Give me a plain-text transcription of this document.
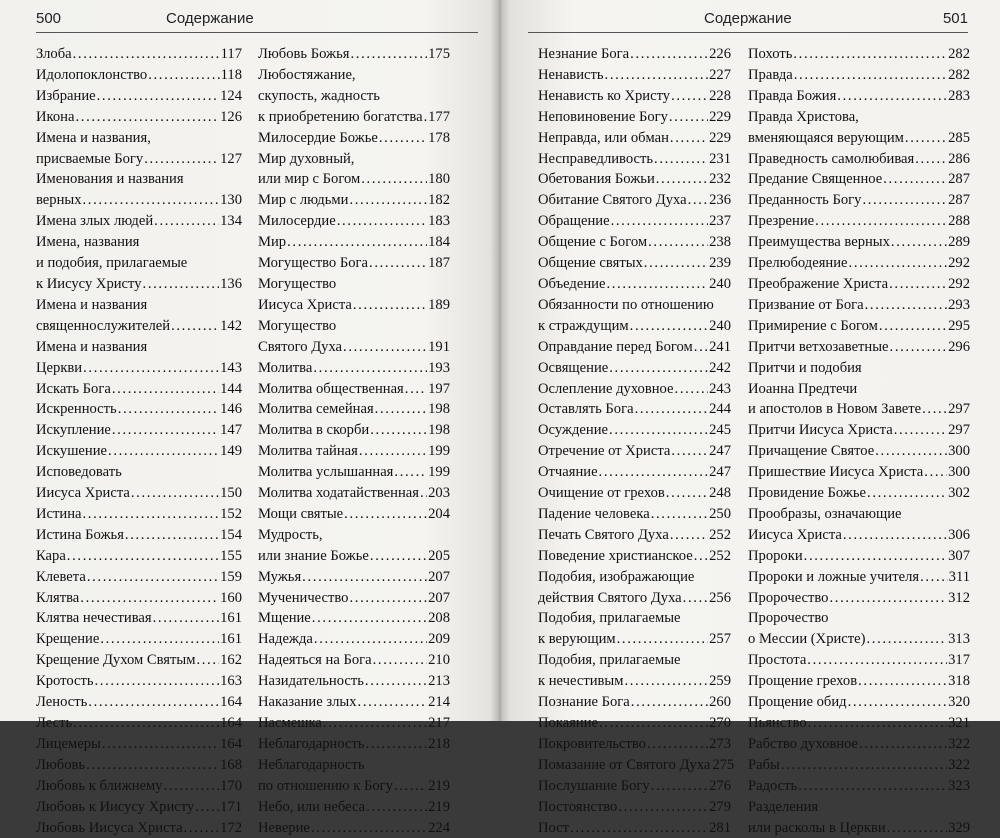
500	Содержание
Злоба . . .	117
Идолопоклонство . . .	118
Избрание . . .	124
Икона . . .	126
Имена и названия,
присваемые Богу . . .	127
Именования и названия
верных . . .	130
Имена злых людей . . .	134
Имена, названия
и подобия, прилагаемые
к Иисусу Христу . . .	136
Имена и названия
священнослужителей . . .	142
Имена и названия
Церкви . . .	143
Искать Бога . . .	144
Искренность . . .	146
Искупление . . .	147
Искушение . . .	149
Исповедовать
Иисуса Христа . . .	150
Истина . . .	152
Истина Божья . . .	154
Кара . . .	155
Клевета . . .	159
Клятва . . .	160
Клятва нечестивая . . .	161
Крещение . . .	161
Крещение Духом Святым . . . 162
Кротость . . .	163
Леность . . .	164
Лесть . . .	164
Лицемеры . . .	164
Любовь . . .	168
Любовь к ближнему . . .	170
Любовь к Иисусу Христу . . . 171
Любовь Иисуса Христа . . .	172
Любовь Божья . . .	175
Любостяжание,
скупость, жадность
к приобретению богатства . . . 177
Милосердие Божье . . .	178
Мир духовный,
или мир с Богом . . .	180
Мир с людьми . . .	182
Милосердие . . .	183
Мир . . .	184
Могущество Бога . . .	187
Могущество
Иисуса Христа . . .	189
Могущество
Святого Духа . . .	191
Молитва . . .	193
Молитва общественная . . . 197
Молитва семейная . . .	198
Молитва в скорби . . .	198
Молитва тайная . . .	199
Молитва услышанная . . . 199
Молитва ходатайственная . . . 203
Мощи святые . . .	204
Мудрость,
или знание Божье . . .	205
Мужья . . .	207
Мученичество . . .	207
Мщение . . .	208
Надежда . . .	209
Надеяться на Бога . . .	210
Назидательность . . .	213
Наказание злых . . .	214
Насмешка . . .	217
Неблагодарность . . .	218
Неблагодарность
по отношению к Богу . . . 219
Небо, или небеса . . .	219
Неверие . . .	224
Содержание	501
Незнание Бога . . .	226
Ненависть . . .	227
Ненависть ко Христу . . .	228
Неповиновение Богу . . .	229
Неправда, или обман . . .	229
Несправедливость . . .	231
Обетования Божьи . . .	232
Обитание Святого Духа . . . 236
Обращение . . .	237
Общение с Богом . . .	238
Общение святых . . .	239
Объедение . . .	240
Обязанности по отношению
к страждущим . . .	240
Оправдание перед Богом . . . 241
Освящение . . .	242
Ослепление духовное . . . 243
Оставлять Бога . . .	244
Осуждение . . .	245
Отречение от Христа . . .	247
Отчаяние . . .	247
Очищение от грехов . . .	248
Падение человека . . .	250
Печать Святого Духа . . .	252
Поведение христианское . . . 252
Подобия, изображающие
действия Святого Духа . . . 256
Подобия, прилагаемые
к верующим . . .	257
Подобия, прилагаемые
к нечестивым . . .	259
Познание Бога . . .	260
Покаяние . . .	270
Покровительство . . .	273
Помазание от Святого Духа 275
Послушание Богу . . .	276
Постоянство . . .	279
Пост . . .	281
Похоть . . .	282
Правда . . .	282
Правда Божия . . .	283
Правда Христова,
вменяющаяся верующим . . .	285
Праведность самолюбивая . . . 286
Предание Священное . . .	287
Преданность Богу . . .	287
Презрение . . .	288
Преимущества верных . . .	289
Прелюбодеяние . . .	292
Преображение Христа . . .	292
Призвание от Бога . . .	293
Примирение с Богом . . .	295
Притчи ветхозаветные . . .	296
Притчи и подобия
Иоанна Предтечи
и апостолов в Новом Завете . . . 297
Притчи Иисуса Христа . . .	297
Причащение Святое . . .	300
Пришествие Иисуса Христа . . . 300
Провидение Божье . . .	302
Прообразы, означающие
Иисуса Христа . . .	306
Пророки . . .	307
Пророки и ложные учителя . . . 311
Пророчество . . .	312
Пророчество
о Мессии (Христе) . . .	313
Простота . . .	317
Прощение грехов . . .	318
Прощение обид . . .	320
Пьянство . . .	321
Рабство духовное . . .	322
Рабы . . .	322
Радость . . .	323
Разделения
или расколы в Церкви . . .	329
